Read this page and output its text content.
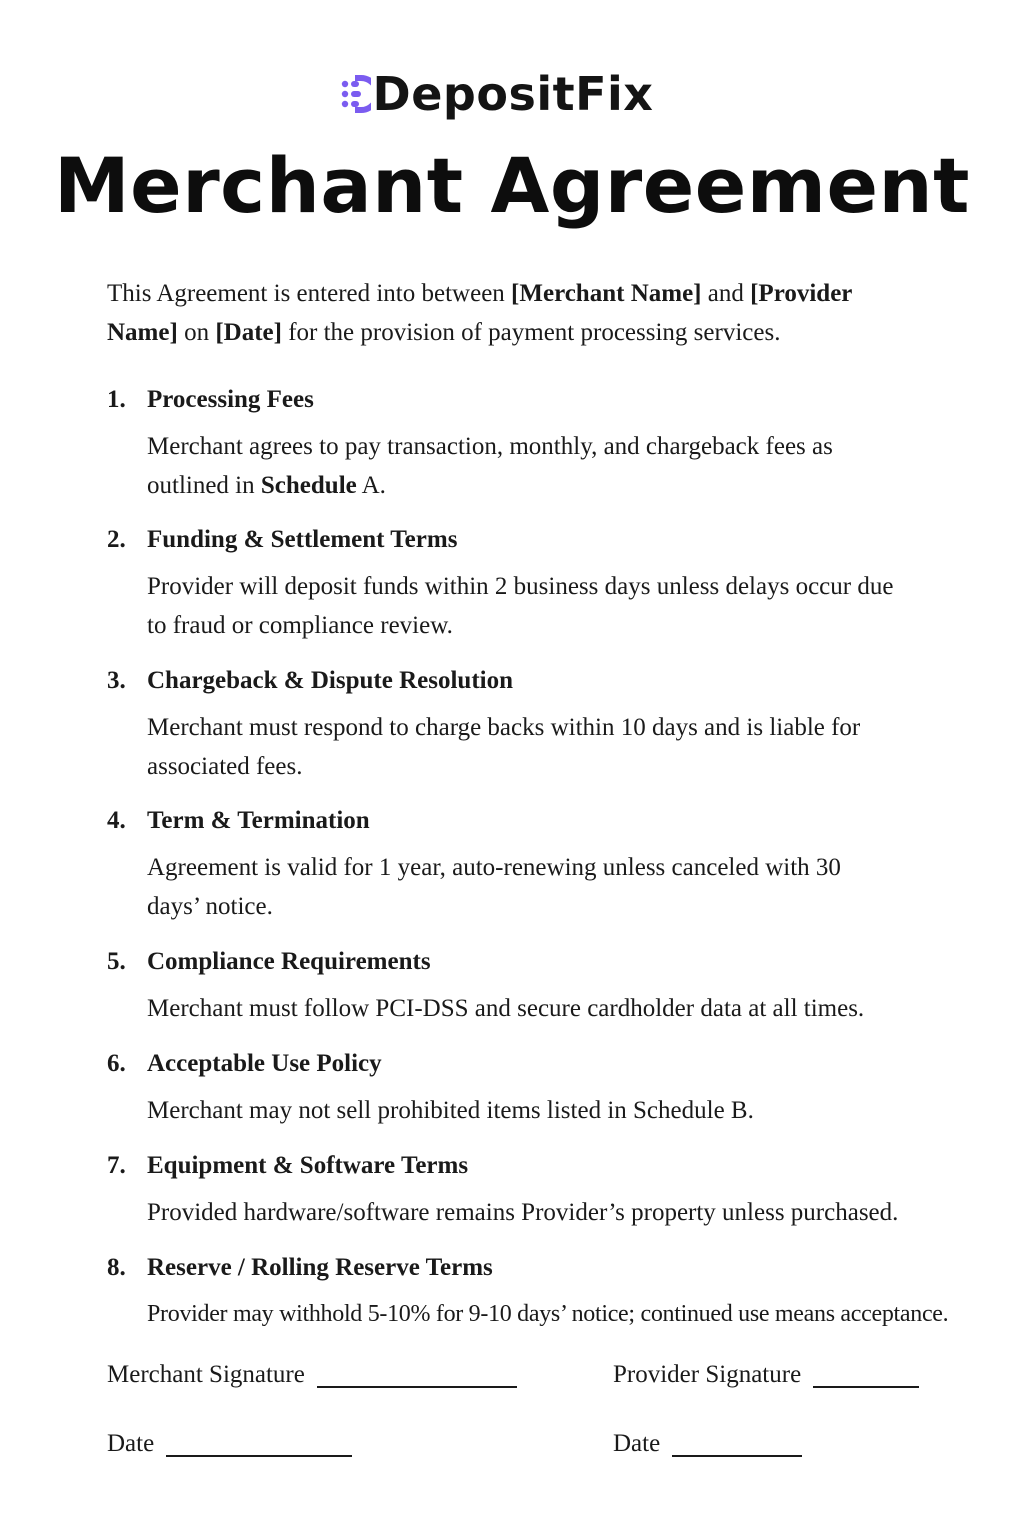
DepositFix
Merchant Agreement

This Agreement is entered into between [Merchant Name] and [Provider Name] on [Date] for the provision of payment processing services.

1. Processing Fees
Merchant agrees to pay transaction, monthly, and chargeback fees as outlined in Schedule A.
2. Funding & Settlement Terms
Provider will deposit funds within 2 business days unless delays occur due to fraud or compliance review.
3. Chargeback & Dispute Resolution
Merchant must respond to charge backs within 10 days and is liable for associated fees.
4. Term & Termination
Agreement is valid for 1 year, auto-renewing unless canceled with 30 days’ notice.
5. Compliance Requirements
Merchant must follow PCI-DSS and secure cardholder data at all times.
6. Acceptable Use Policy
Merchant may not sell prohibited items listed in Schedule B.
7. Equipment & Software Terms
Provided hardware/software remains Provider’s property unless purchased.
8. Reserve / Rolling Reserve Terms
Provider may withhold 5-10% for 9-10 days’ notice; continued use means acceptance.
Merchant Signature	Provider Signature
Date	Date
